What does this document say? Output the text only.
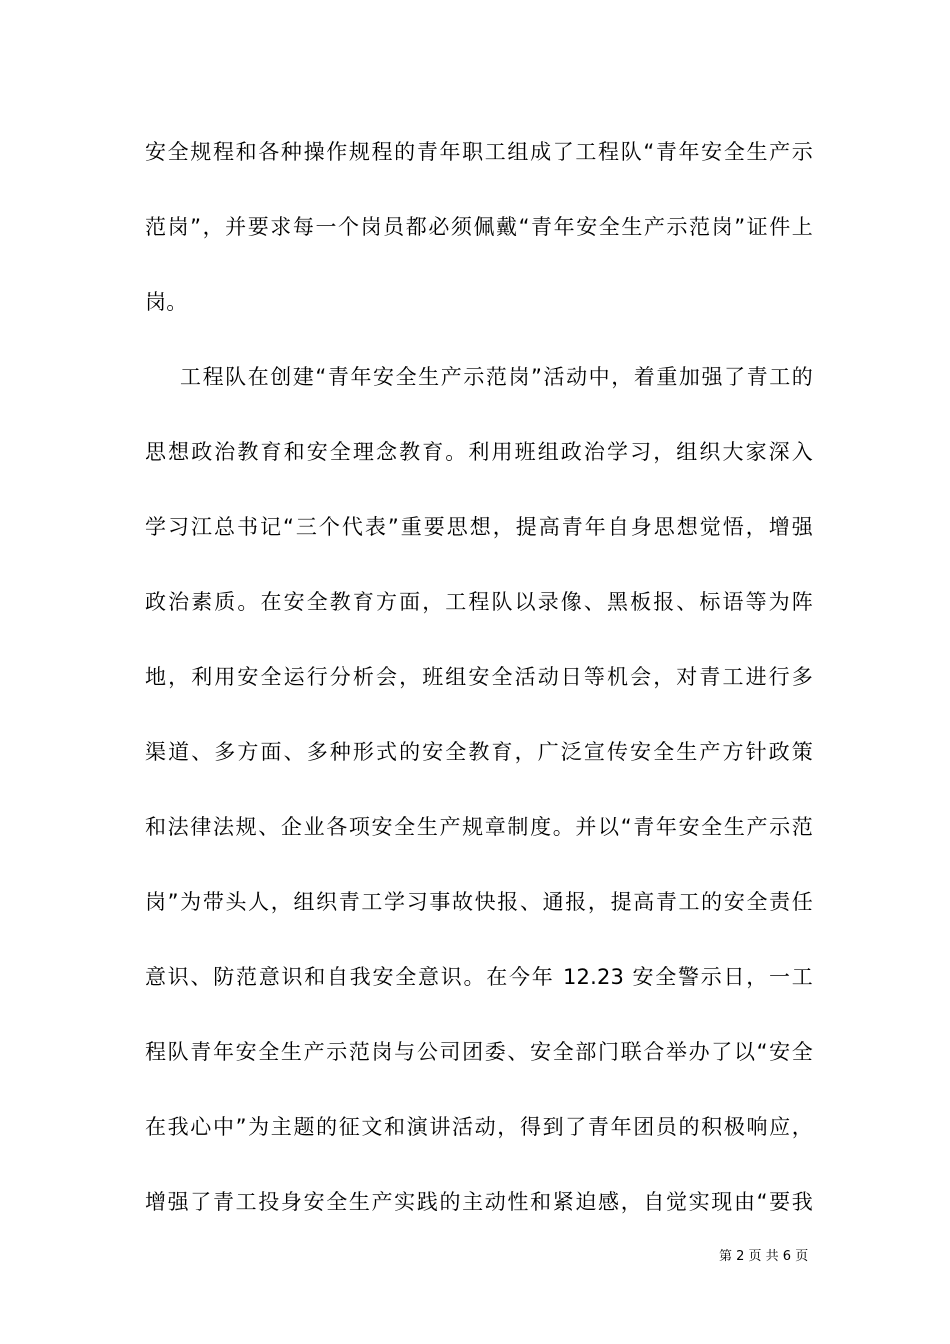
安全规程和各种操作规程的青年职工组成了工程队“青年安全生产示
范岗”，并要求每一个岗员都必须佩戴“青年安全生产示范岗”证件上
岗。
工程队在创建“青年安全生产示范岗”活动中，着重加强了青工的
思想政治教育和安全理念教育。利用班组政治学习，组织大家深入
学习江总书记“三个代表”重要思想，提高青年自身思想觉悟，增强
政治素质。在安全教育方面，工程队以录像、黑板报、标语等为阵
地，利用安全运行分析会，班组安全活动日等机会，对青工进行多
渠道、多方面、多种形式的安全教育，广泛宣传安全生产方针政策
和法律法规、企业各项安全生产规章制度。并以“青年安全生产示范
岗”为带头人，组织青工学习事故快报、通报，提高青工的安全责任
意识、防范意识和自我安全意识。在今年 12.23 安全警示日，一工
程队青年安全生产示范岗与公司团委、安全部门联合举办了以“安全
在我心中”为主题的征文和演讲活动，得到了青年团员的积极响应，
增强了青工投身安全生产实践的主动性和紧迫感，自觉实现由“要我
第 2 页 共 6 页
